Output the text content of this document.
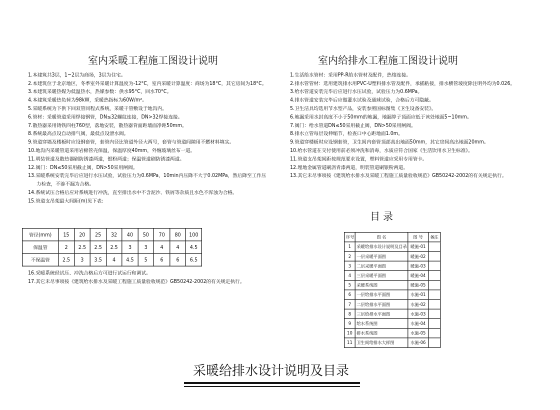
室内采暖工程施工图设计说明
1.本建筑共3层，1~2层为商场，3层为住宅。
2.本建筑位于北京地区，冬季室外采暖计算温度为-12°C，室内采暖计算温度：商场为18°C，其它房间为18°C。
3.本建筑采暖热媒为低温热水，热媒参数：供水95°C，回水70°C。
4.本建筑采暖热负荷为98kW，采暖热指标为60W/m²。
5.采暖系统为下供下回双管同程式系统，采暖干管敷设于地沟内。
6.管材：采暖管道采用焊接钢管，DN≤32螺纹连接，DN>32焊接连接。
7.散热器采用铸铁四柱760型，落地安装，散热器背面距墙面净距50mm。
8.系统最高点设自动排气阀，最低点设泄水阀。
9.管道穿墙及楼板时应设钢套管，套管内径比管道外径大两号，套管与管道间隙用不燃材料填实。
10.地沟内采暖管道采用岩棉管壳保温，保温厚度40mm，外缠玻璃丝布一道。
11.明装管道及散热器刷防锈漆两道，银粉两道；保温管道刷防锈漆两道。
12.阀门：DN≤50采用截止阀，DN>50采用闸阀。
13.采暖系统安装完毕后应进行水压试验，试验压力为0.6MPa，10min内压降不大于0.02MPa，然后降至工作压力检查，不渗不漏为合格。
14.系统试压合格后应对系统进行冲洗，直至排出水中不含泥沙、铁屑等杂质且水色不浑浊为合格。
15.管道支吊架最大间距(m)见下表：
管径(mm)	15	20	25	32	40	50	70	80	100
保温管	2	2.5	2.5	2.5	3	3	4	4	4.5
不保温管	2.5	3	3.5	4	4.5	5	6	6	6.5
16.采暖系统经试压、冲洗合格后方可进行试运行和调试。
17.其它未尽事项按《建筑给水排水及采暖工程施工质量验收规范》GB50242-2002的有关规定执行。
室内给排水工程施工图设计说明
1.生活给水管材：采用PP-R给水管材及配件，热熔连接。
2.排水管管材：选用建筑排水用PVC-U塑料排水管及配件，承插粘接，排水横管坡度除注明外均为0.026。
3.给水管道安装完毕后应进行水压试验，试验压力为0.6MPa。
4.排水管道安装完毕后应做灌水试验及通球试验，合格后方可隐蔽。
5.卫生洁具均选用节水型产品，安装参照国标图集《卫生设备安装》。
6.地漏采用水封高度不小于50mm的地漏，地漏箅子顶面应低于该处地面5~10mm。
7.阀门：给水管道DN≤50采用截止阀，DN>50采用闸阀。
8.排水立管每层设伸缩节，检查口中心距地面1.0m。
9.管道穿楼板时应设钢套管，卫生间内套管顶部高出地面50mm，其它房间高出地面20mm。
10.给水管道在交付使用前必须冲洗和消毒，水质应符合国家《生活饮用水卫生标准》。
11.管道支吊架间距按规范要求设置，塑料管道应采用专用管卡。
12.埋地金属管道刷沥青漆两道，明装管道刷银粉两道。
13.其它未尽事项按《建筑给水排水及采暖工程施工质量验收规范》GB50242-2002的有关规定执行。
目录
序号	图 名	图 号	备注
1	采暖给排水设计说明及目录	暖施-01	
2	一层采暖平面图	暖施-02	
3	二层采暖平面图	暖施-03	
4	三层采暖平面图	暖施-04	
5	采暖系统图	暖施-05	
6	一层给排水平面图	水施-01	
7	二层给排水平面图	水施-02	
8	三层给排水平面图	水施-03	
9	给水系统图	水施-04	
10	排水系统图	水施-05	
11	卫生间给排水大样图	水施-06	
采暖给排水设计说明及目录
